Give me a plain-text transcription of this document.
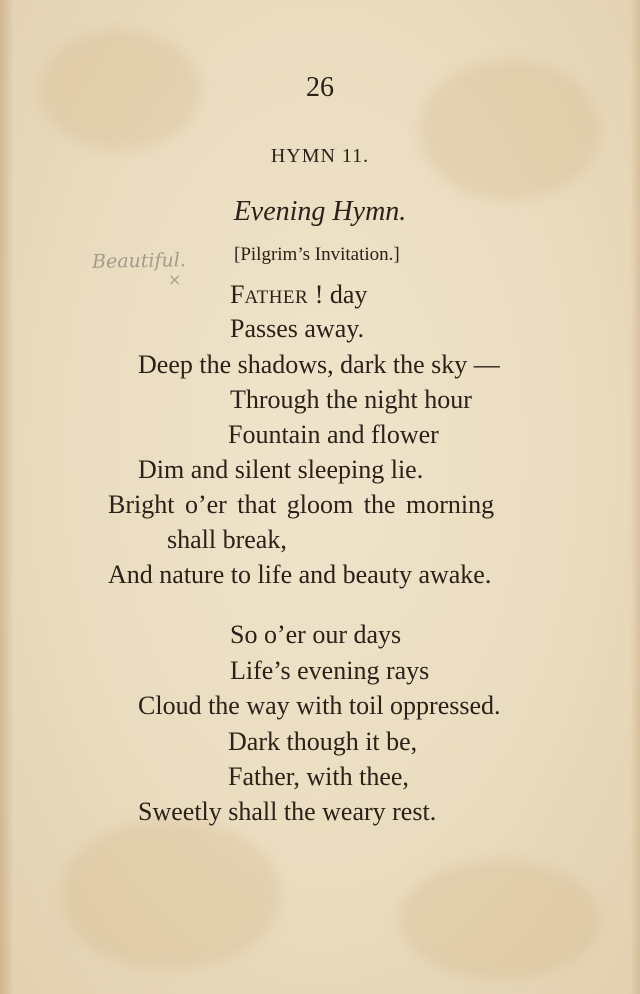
26
HYMN 11.
Evening Hymn.
Beautiful.
×
[Pilgrim’s Invitation.]
FATHER ! day
Passes away.
Deep the shadows, dark the sky —
Through the night hour
Fountain and flower
Dim and silent sleeping lie.
Bright o’er that gloom the morning
shall break,
And nature to life and beauty awake.
So o’er our days
Life’s evening rays
Cloud the way with toil oppressed.
Dark though it be,
Father, with thee,
Sweetly shall the weary rest.
